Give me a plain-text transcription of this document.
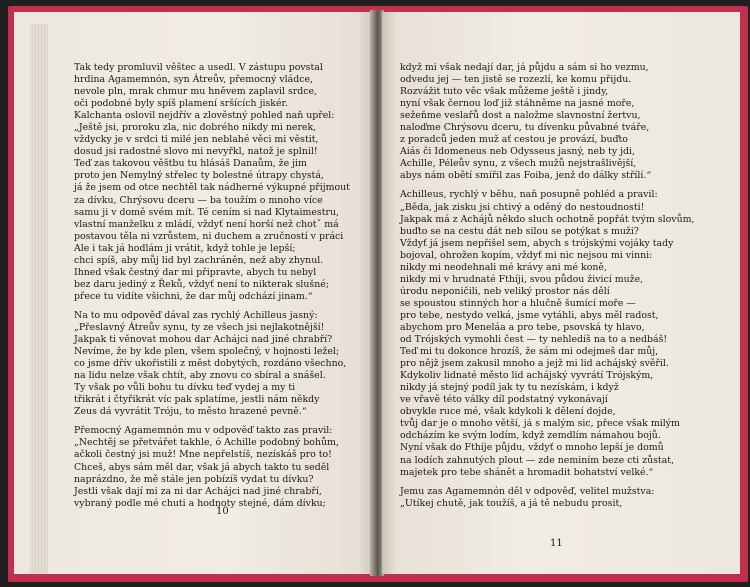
Tak tedy promluvil věštec a usedl. V zástupu povstal
hrdina Agamemnón, syn Átreův, přemocný vládce,
nevole pln, mrak chmur mu hněvem zaplavil srdce,
oči podobné byly spíš plamení sršících jiskér.
Kalchanta oslovil nejdřív a zlověstný pohled naň upřel:
„Ještě jsi, proroku zla, nic dobrého nikdy mi nerek,
vždycky je v srdci ti milé jen neblahé věci mi věstit,
dosud jsi radostné slovo mi nevyřkl, natož je splnil!
Teď zas takovou věštbu tu hlásáš Danaům, že jim
proto jen Nemylný střelec ty bolestné útrapy chystá,
já že jsem od otce nechtěl tak nádherné výkupné přijmout
za dívku, Chrýsovu dceru — ba toužím o mnoho více
samu ji v domě svém mít. Té cením si nad Klytaimestru,
vlastní manželku z mládí, vždyť není horší než chotˇ má
postavou těla ni vzrůstem, ni duchem a zručností v práci
Ale i tak já hodlám ji vrátit, když tohle je lepší;
chci spíš, aby můj lid byl zachráněn, než aby zhynul.
Ihned však čestný dar mi připravte, abych tu nebyl
bez daru jediný z Řeků, vždyť není to nikterak slušné;
přece tu vidíte všichni, že dar můj odchází jinam.“
Na to mu odpověď dával zas rychlý Achilleus jasný:
„Přeslavný Átreův synu, ty ze všech jsi nejlakotnější!
Jakpak ti věnovat mohou dar Achájci nad jiné chrabří?
Nevíme, že by kde plen, všem společný, v hojnosti ležel;
co jsme dřív ukořistili z měst dobytých, rozdáno všechno,
na lidu nelze však chtít, aby znovu co sbíral a snášel.
Ty však po vůli bohu tu dívku teď vydej a my ti
třikrát i čtyřikrát víc pak splatíme, jestli nám někdy
Zeus dá vyvrátit Tróju, to město hrazené pevně.“
Přemocný Agamemnón mu v odpověď takto zas pravil:
„Nechtěj se přetvářet takhle, ó Achille podobný bohům,
ačkoli čestný jsi muž! Mne nepřelstíš, nezískáš pro to!
Chceš, abys sám měl dar, však já abych takto tu seděl
naprázdno, že mě stále jen pobízíš vydat tu dívku?
Jestli však dají mi za ni dar Achájci nad jiné chrabří,
vybraný podle mé chuti a hodnoty stejné, dám dívku;
10
když mi však nedají dar, já půjdu a sám si ho vezmu,
odvedu jej — ten jistě se rozezlí, ke komu přijdu.
Rozvážit tuto věc však můžeme ještě i jindy,
nyní však černou loď již stáhněme na jasné moře,
sežeňme veslařů dost a naložme slavnostní žertvu,
naloďme Chrýsovu dceru, tu dívenku půvabné tváře,
z poradců jeden muž ať cestou je provází, buďto
Aiás či Idomeneus neb Odysseus jasný, neb ty jdi,
Achille, Péleův synu, z všech mužů nejstrašlivější,
abys nám obětí smířil zas Foiba, jenž do dálky střílí.“
Achilleus, rychlý v běhu, naň posupně pohléd a pravil:
„Běda, jak zisku jsi chtivý a oděný do nestoudnosti!
Jakpak má z Achájů někdo sluch ochotně popřát tvým slovům,
buďto se na cestu dát neb silou se potýkat s muži?
Vždyť já jsem nepřišel sem, abych s trójskými vojáky tady
bojoval, ohrožen kopím, vždyť mi nic nejsou mi vinni:
nikdy mi neodehnali mé krávy ani mé koně,
nikdy mi v hrudnaté Fthíji, svou půdou živicí muže,
úrodu neponičili, neb veliký prostor nás dělí
se spoustou stinných hor a hlučně šumící moře —
pro tebe, nestydo velká, jsme vytáhli, abys měl radost,
abychom pro Meneláa a pro tebe, psovská ty hlavo,
od Trójských vymohli čest — ty nehledíš na to a nedbáš!
Teď mi tu dokonce hrozíš, že sám mi odejmeš dar můj,
pro nějž jsem zakusil mnoho a jejž mi lid achájský svěřil.
Kdykoliv lidnaté město lid achájský vyvrátí Trójským,
nikdy já stejný podíl jak ty tu nezískám, i když
ve vřavě této války díl podstatný vykonávají
obvykle ruce mé, však kdykoli k dělení dojde,
tvůj dar je o mnoho větší, já s malým sic, přece však milým
odcházím ke svým lodím, když zemdlím námahou bojů.
Nyní však do Fthíje půjdu, vždyť o mnoho lepší je domů
na lodích zahnutých plout — zde neminím beze cti zůstat,
majetek pro tebe shánět a hromadit bohatství velké.“
Jemu zas Agamemnón děl v odpověď, velitel mužstva:
„Utíkej chutě, jak toužíš, a já tě nebudu prosit,
11
